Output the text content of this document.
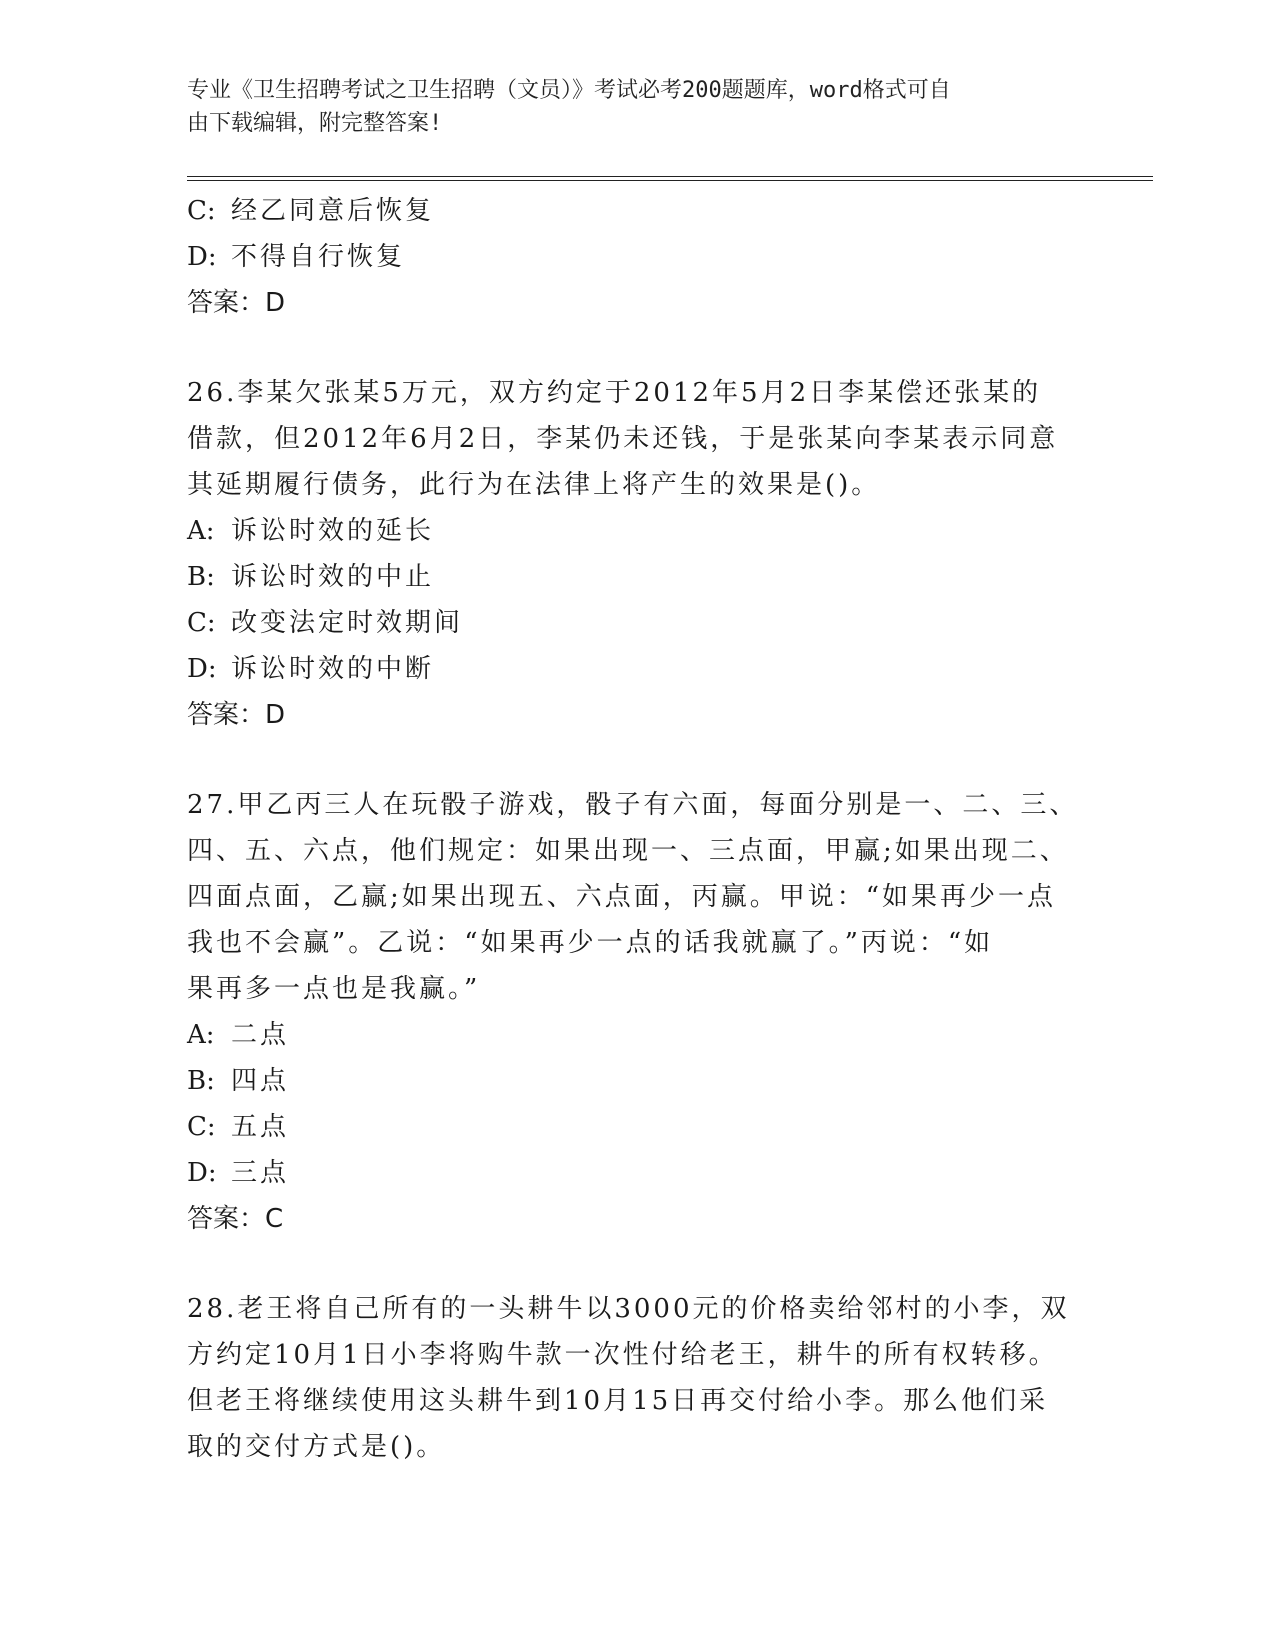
专业《卫生招聘考试之卫生招聘（文员）》考试必考200题题库，word格式可自
由下载编辑，附完整答案!
C: 经乙同意后恢复
D: 不得自行恢复
答案：D
26.李某欠张某5万元，双方约定于2012年5月2日李某偿还张某的
借款，但2012年6月2日，李某仍未还钱，于是张某向李某表示同意
其延期履行债务，此行为在法律上将产生的效果是()。
A: 诉讼时效的延长
B: 诉讼时效的中止
C: 改变法定时效期间
D: 诉讼时效的中断
答案：D
27.甲乙丙三人在玩骰子游戏，骰子有六面，每面分别是一、二、三、
四、五、六点，他们规定：如果出现一、三点面，甲赢;如果出现二、
四面点面，乙赢;如果出现五、六点面，丙赢。甲说：“如果再少一点
我也不会赢”。乙说：“如果再少一点的话我就赢了。”丙说：“如
果再多一点也是我赢。”
A: 二点
B: 四点
C: 五点
D: 三点
答案：C
28.老王将自己所有的一头耕牛以3000元的价格卖给邻村的小李，双
方约定10月1日小李将购牛款一次性付给老王，耕牛的所有权转移。
但老王将继续使用这头耕牛到10月15日再交付给小李。那么他们采
取的交付方式是()。
